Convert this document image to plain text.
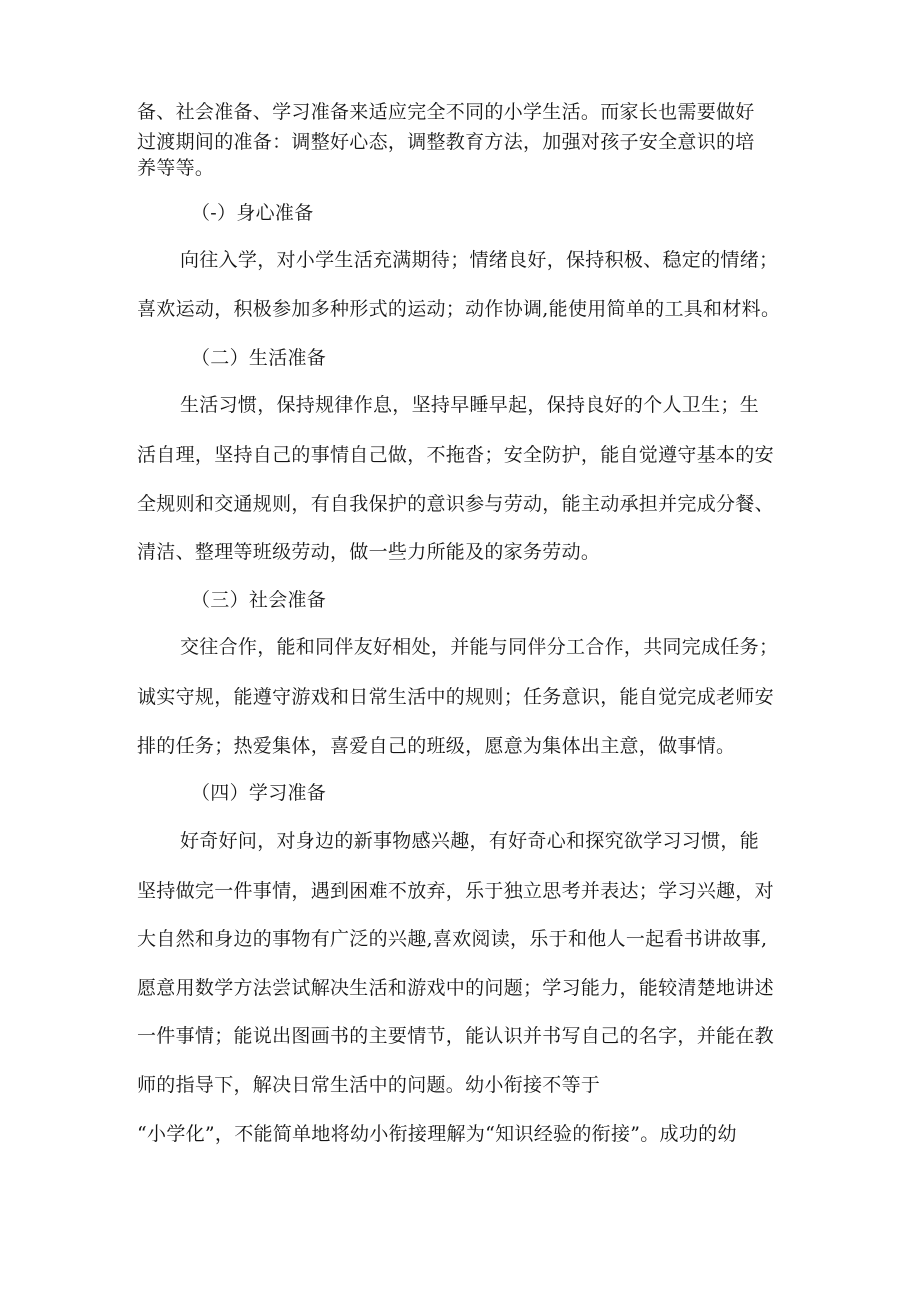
备、社会准备、学习准备来适应完全不同的小学生活。而家长也需要做好

过渡期间的准备：调整好心态，调整教育方法，加强对孩子安全意识的培

养等等。

（-）身心准备

向往入学，对小学生活充满期待；情绪良好，保持积极、稳定的情绪；

喜欢运动，积极参加多种形式的运动；动作协调,能使用简单的工具和材料。

（二）生活准备

生活习惯，保持规律作息，坚持早睡早起，保持良好的个人卫生；生

活自理，坚持自己的事情自己做，不拖沓；安全防护，能自觉遵守基本的安

全规则和交通规则，有自我保护的意识参与劳动，能主动承担并完成分餐、

清洁、整理等班级劳动，做一些力所能及的家务劳动。

（三）社会准备

交往合作，能和同伴友好相处，并能与同伴分工合作，共同完成任务；

诚实守规，能遵守游戏和日常生活中的规则；任务意识，能自觉完成老师安

排的任务；热爱集体，喜爱自己的班级，愿意为集体出主意，做事情。

（四）学习准备

好奇好问，对身边的新事物感兴趣，有好奇心和探究欲学习习惯，能

坚持做完一件事情，遇到困难不放弃，乐于独立思考并表达；学习兴趣，对

大自然和身边的事物有广泛的兴趣,喜欢阅读，乐于和他人一起看书讲故事,

愿意用数学方法尝试解决生活和游戏中的问题；学习能力，能较清楚地讲述

一件事情；能说出图画书的主要情节，能认识并书写自己的名字，并能在教

师的指导下，解决日常生活中的问题。幼小衔接不等于

“小学化”，不能简单地将幼小衔接理解为“知识经验的衔接”。成功的幼
